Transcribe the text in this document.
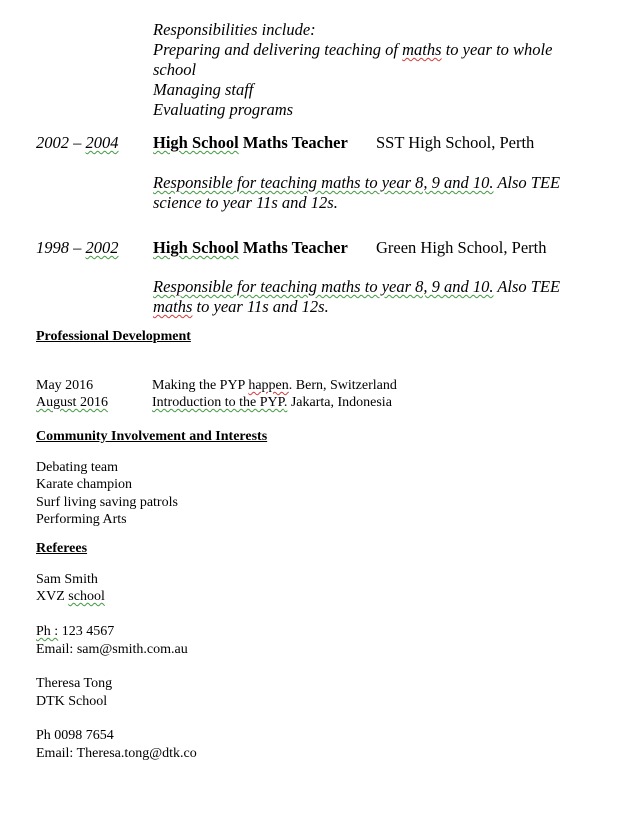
Responsibilities include:
Preparing and delivering teaching of maths to year to whole
school
Managing staff
Evaluating programs
2002 – 2004 High School Maths Teacher SST High School, Perth
Responsible for teaching maths to year 8, 9 and 10. Also TEE
science to year 11s and 12s.
1998 – 2002 High School Maths Teacher Green High School, Perth
Responsible for teaching maths to year 8, 9 and 10. Also TEE
maths to year 11s and 12s.
Professional Development
May 2016	Making the PYP happen. Bern, Switzerland
August 2016	Introduction to the PYP. Jakarta, Indonesia
Community Involvement and Interests
Debating team
Karate champion
Surf living saving patrols
Performing Arts
Referees
Sam Smith
XVZ school
Ph : 123 4567
Email: sam@smith.com.au
Theresa Tong
DTK School
Ph 0098 7654
Email: Theresa.tong@dtk.co
